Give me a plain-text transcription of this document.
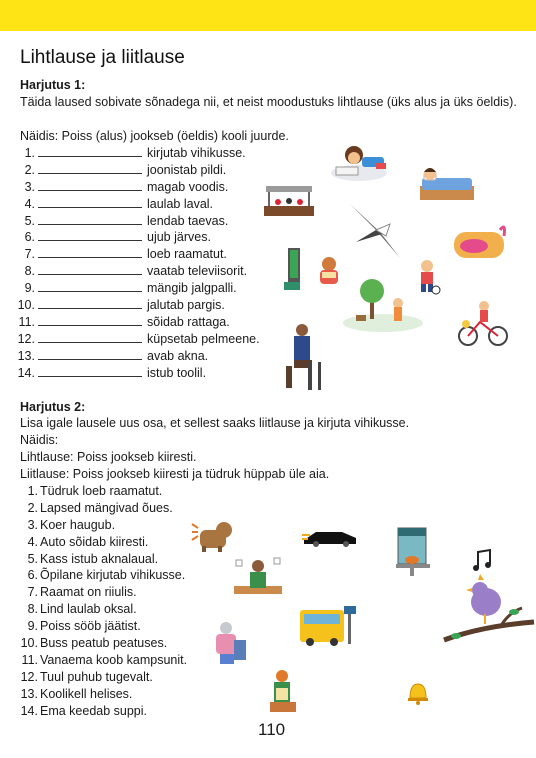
Lihtlause ja liitlause
Harjutus 1:
Täida laused sobivate sõnadega nii, et neist moodustuks lihtlause (üks alus ja üks öeldis).
Näidis: Poiss (alus) jookseb (öeldis) kooli juurde.
1.	kirjutab vihikusse.
2.	joonistab pildi.
3.	magab voodis.
4.	laulab laval.
5.	lendab taevas.
6.	ujub järves.
7.	loeb raamatut.
8.	vaatab televiisorit.
9.	mängib jalgpalli.
10.	jalutab pargis.
11.	sõidab rattaga.
12.	küpsetab pelmeene.
13.	avab akna.
14.	istub toolil.
Harjutus 2:
Lisa igale lausele uus osa, et sellest saaks liitlause ja kirjuta vihikusse.
Näidis:
Lihtlause: Poiss jookseb kiiresti.
Liitlause: Poiss jookseb kiiresti ja tüdruk hüppab üle aia.
1. Tüdruk loeb raamatut.
2. Lapsed mängivad õues.
3. Koer haugub.
4. Auto sõidab kiiresti.
5. Kass istub aknalaual.
6. Õpilane kirjutab vihikusse.
7. Raamat on riiulis.
8. Lind laulab oksal.
9. Poiss sööb jäätist.
10. Buss peatub peatuses.
11. Vanaema koob kampsunit.
12. Tuul puhub tugevalt.
13. Koolikell helises.
14. Ema keedab suppi.
110
